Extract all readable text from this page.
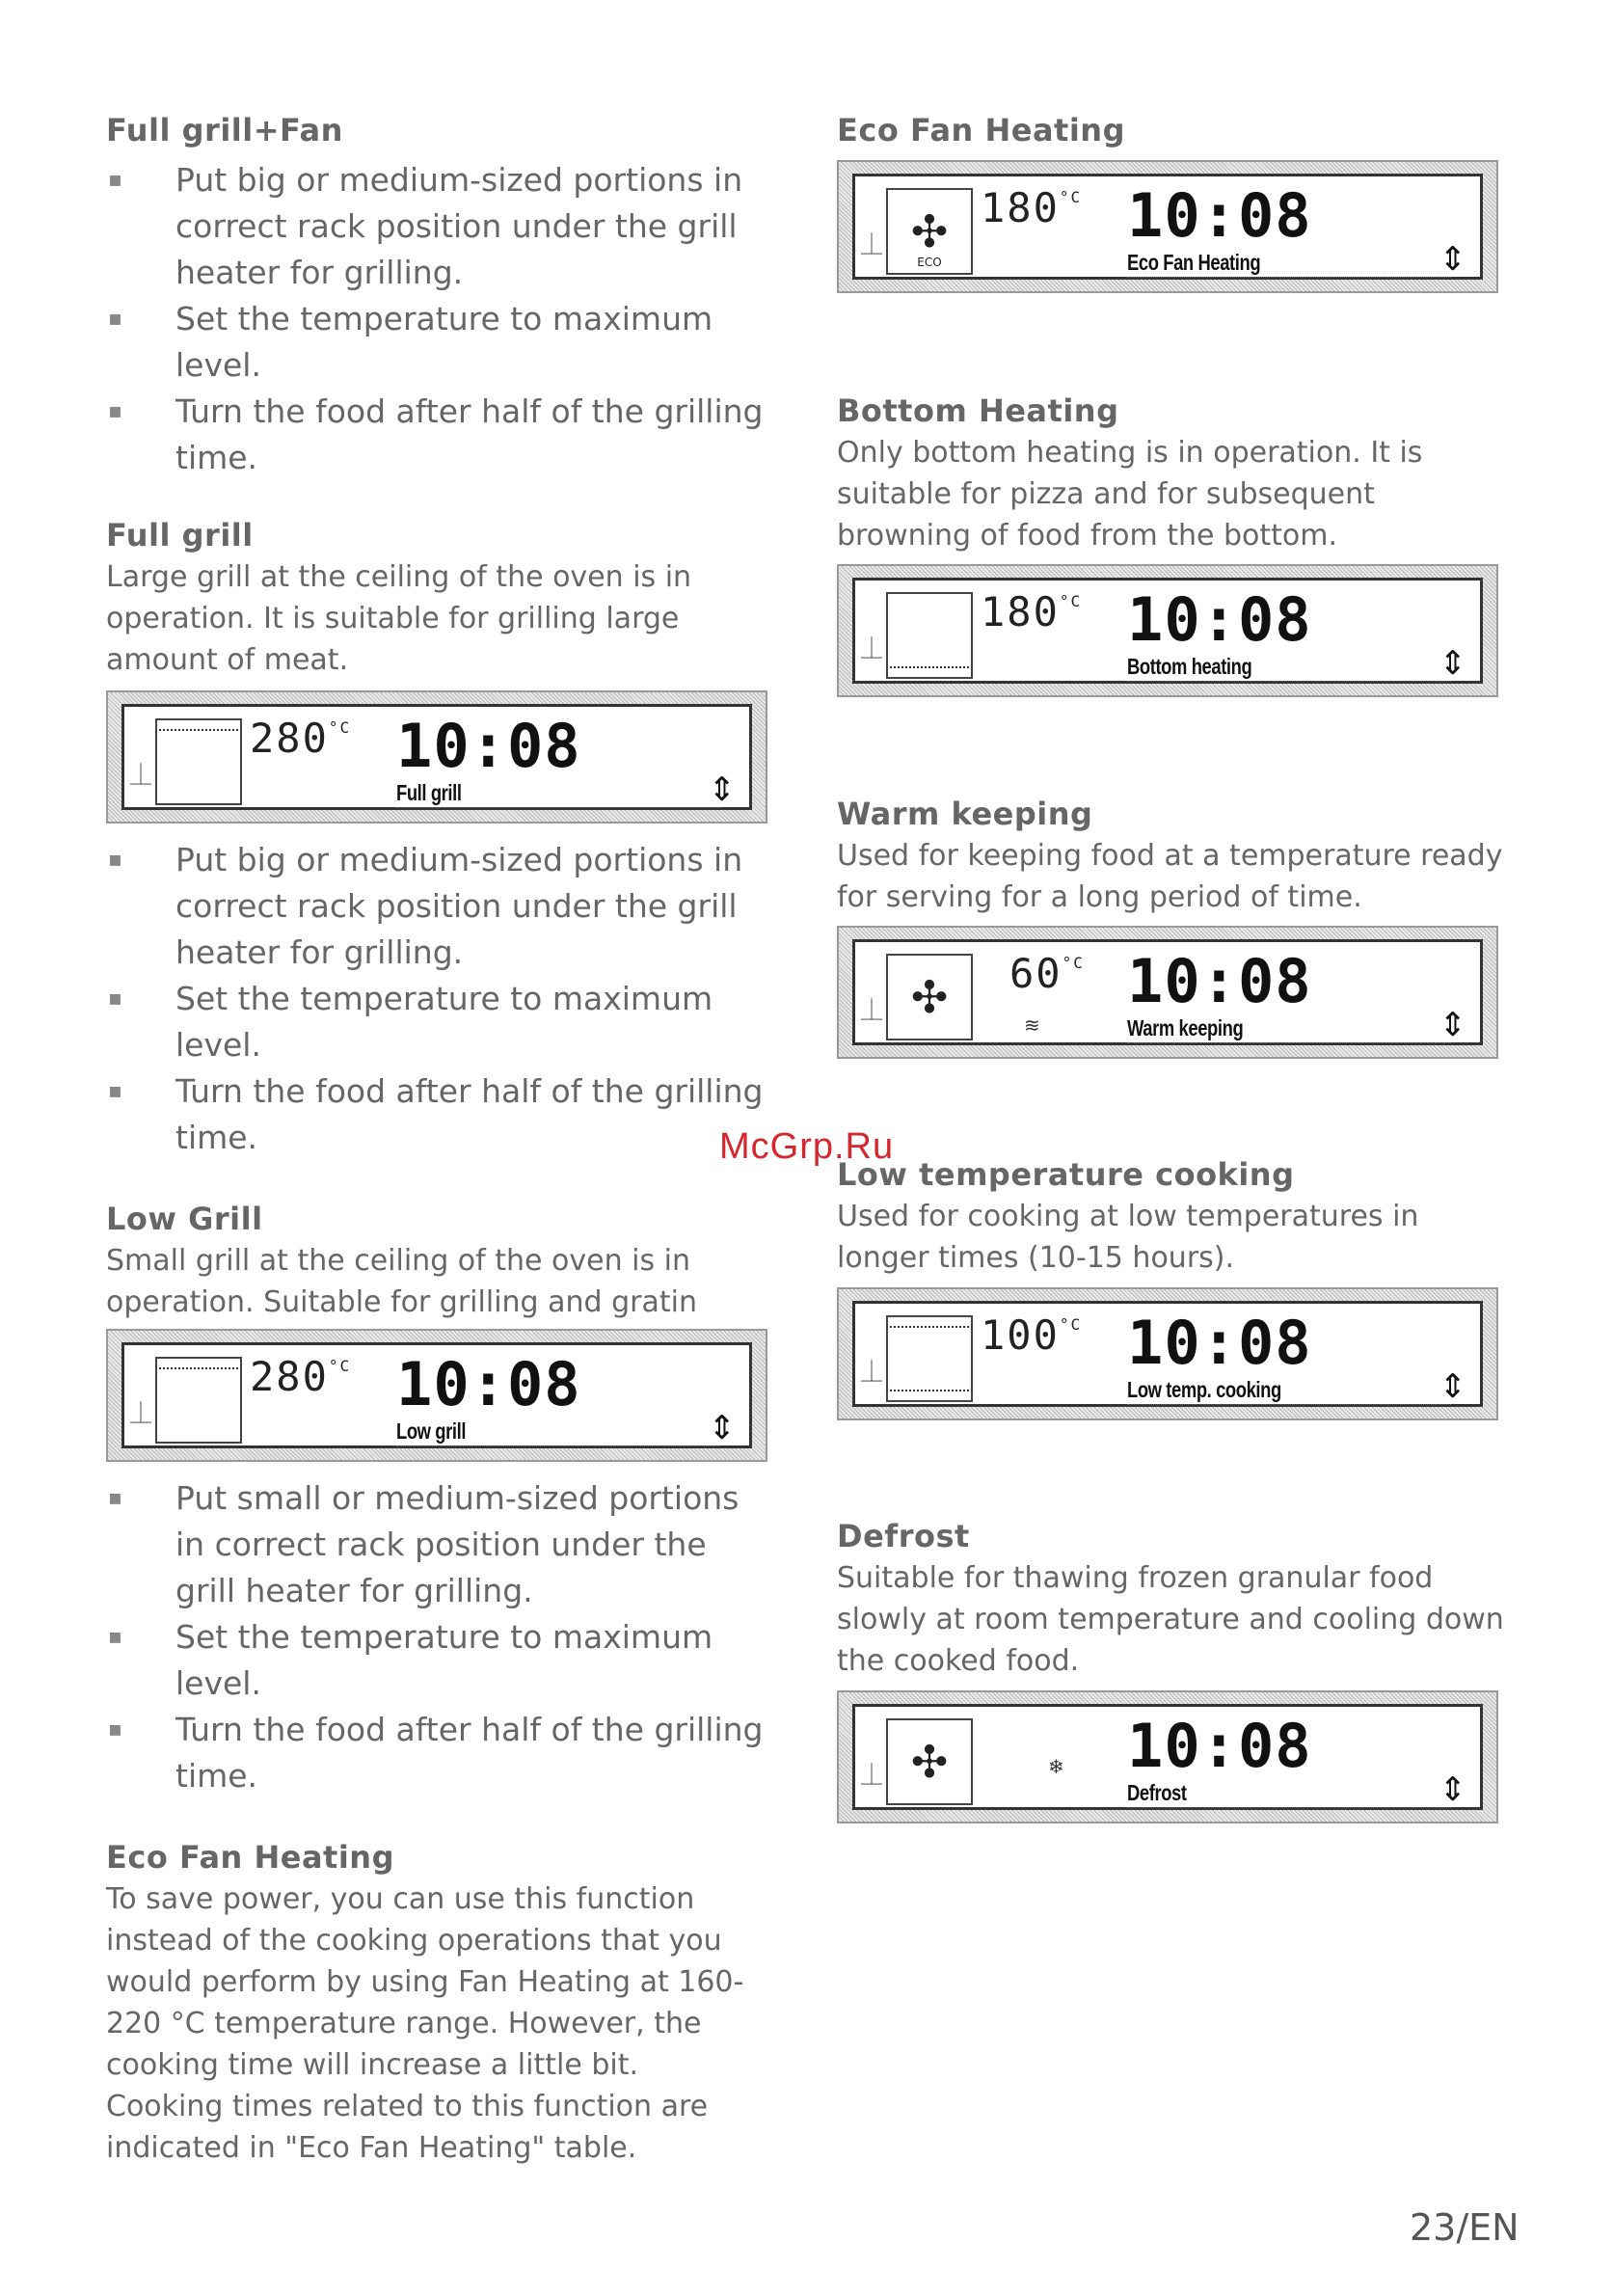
Full grill+Fan
▪ Put big or medium-sized portions in correct rack position under the grill heater for grilling.
▪ Set the temperature to maximum level.
▪ Turn the food after half of the grilling time.
Full grill

Large grill at the ceiling of the oven is in operation. It is suitable for grilling large amount of meat.

⏊
$280^{^\circ C}$ 10:08
Full grill	⇕
▪ Put big or medium-sized portions in correct rack position under the grill heater for grilling.
▪ Set the temperature to maximum level.
▪ Turn the food after half of the grilling time.
Low Grill

Small grill at the ceiling of the oven is in operation. Suitable for grilling and gratin

⏊
$280^{^\circ C}$ 10:08
Low grill	⇕
▪ Put small or medium-sized portions in correct rack position under the grill heater for grilling.
▪ Set the temperature to maximum level.
▪ Turn the food after half of the grilling time.
Eco Fan Heating

To save power, you can use this function instead of the cooking operations that you would perform by using Fan Heating at 160-220 °C temperature range. However, the cooking time will increase a little bit.

Cooking times related to this function are indicated in "Eco Fan Heating" table.

Eco Fan Heating
⏊ ✣
ECO
$180^{^\circ C}$ 10:08
Eco Fan Heating	⇕
Bottom Heating

Only bottom heating is in operation. It is suitable for pizza and for subsequent browning of food from the bottom.

⏊
$180^{^\circ C}$ 10:08
Bottom heating	⇕
Warm keeping

Used for keeping food at a temperature ready for serving for a long period of time.

⏊ ✣	$60^{^\circ C}$
≋
10:08
Warm keeping	⇕
Low temperature cooking

Used for cooking at low temperatures in longer times (10-15 hours).

⏊
$100^{^\circ C}$ 10:08
Low temp. cooking	⇕
Defrost

Suitable for thawing frozen granular food slowly at room temperature and cooling down the cooked food.

⏊ ✣	❄ 10:08
Defrost	⇕
McGrp.Ru
23/EN
